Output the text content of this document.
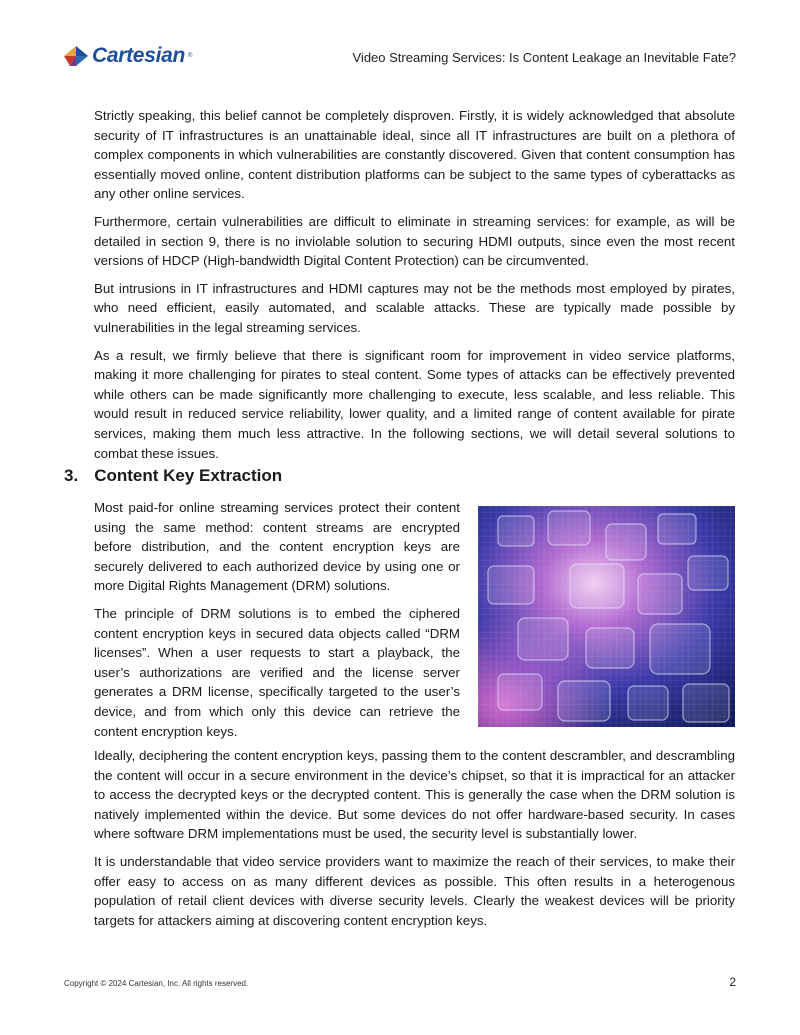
Cartesian ®	Video Streaming Services: Is Content Leakage an Inevitable Fate?

Strictly speaking, this belief cannot be completely disproven. Firstly, it is widely acknowledged that absolute security of IT infrastructures is an unattainable ideal, since all IT infrastructures are built on a plethora of complex components in which vulnerabilities are constantly discovered. Given that content consumption has essentially moved online, content distribution platforms can be subject to the same types of cyberattacks as any other online services.

Furthermore, certain vulnerabilities are difficult to eliminate in streaming services: for example, as will be detailed in section 9, there is no inviolable solution to securing HDMI outputs, since even the most recent versions of HDCP (High-bandwidth Digital Content Protection) can be circumvented.

But intrusions in IT infrastructures and HDMI captures may not be the methods most employed by pirates, who need efficient, easily automated, and scalable attacks. These are typically made possible by vulnerabilities in the legal streaming services.

As a result, we firmly believe that there is significant room for improvement in video service platforms, making it more challenging for pirates to steal content. Some types of attacks can be effectively prevented while others can be made significantly more challenging to execute, less scalable, and less reliable. This would result in reduced service reliability, lower quality, and a limited range of content available for pirate services, making them much less attractive. In the following sections, we will detail several solutions to combat these issues.

3. Content Key Extraction

Most paid-for online streaming services protect their content using the same method: content streams are encrypted before distribution, and the content encryption keys are securely delivered to each authorized device by using one or more Digital Rights Management (DRM) solutions.

The principle of DRM solutions is to embed the ciphered content encryption keys in secured data objects called “DRM licenses”. When a user requests to start a playback, the user’s authorizations are verified and the license server generates a DRM license, specifically targeted to the user’s device, and from which only this device can retrieve the content encryption keys.

Ideally, deciphering the content encryption keys, passing them to the content descrambler, and descrambling the content will occur in a secure environment in the device’s chipset, so that it is impractical for an attacker to access the decrypted keys or the decrypted content. This is generally the case when the DRM solution is natively implemented within the device. But some devices do not offer hardware-based security. In cases where software DRM implementations must be used, the security level is substantially lower.

It is understandable that video service providers want to maximize the reach of their services, to make their offer easy to access on as many different devices as possible. This often results in a heterogenous population of retail client devices with diverse security levels. Clearly the weakest devices will be priority targets for attackers aiming at discovering content encryption keys.

Copyright © 2024 Cartesian, Inc. All rights reserved.	2
